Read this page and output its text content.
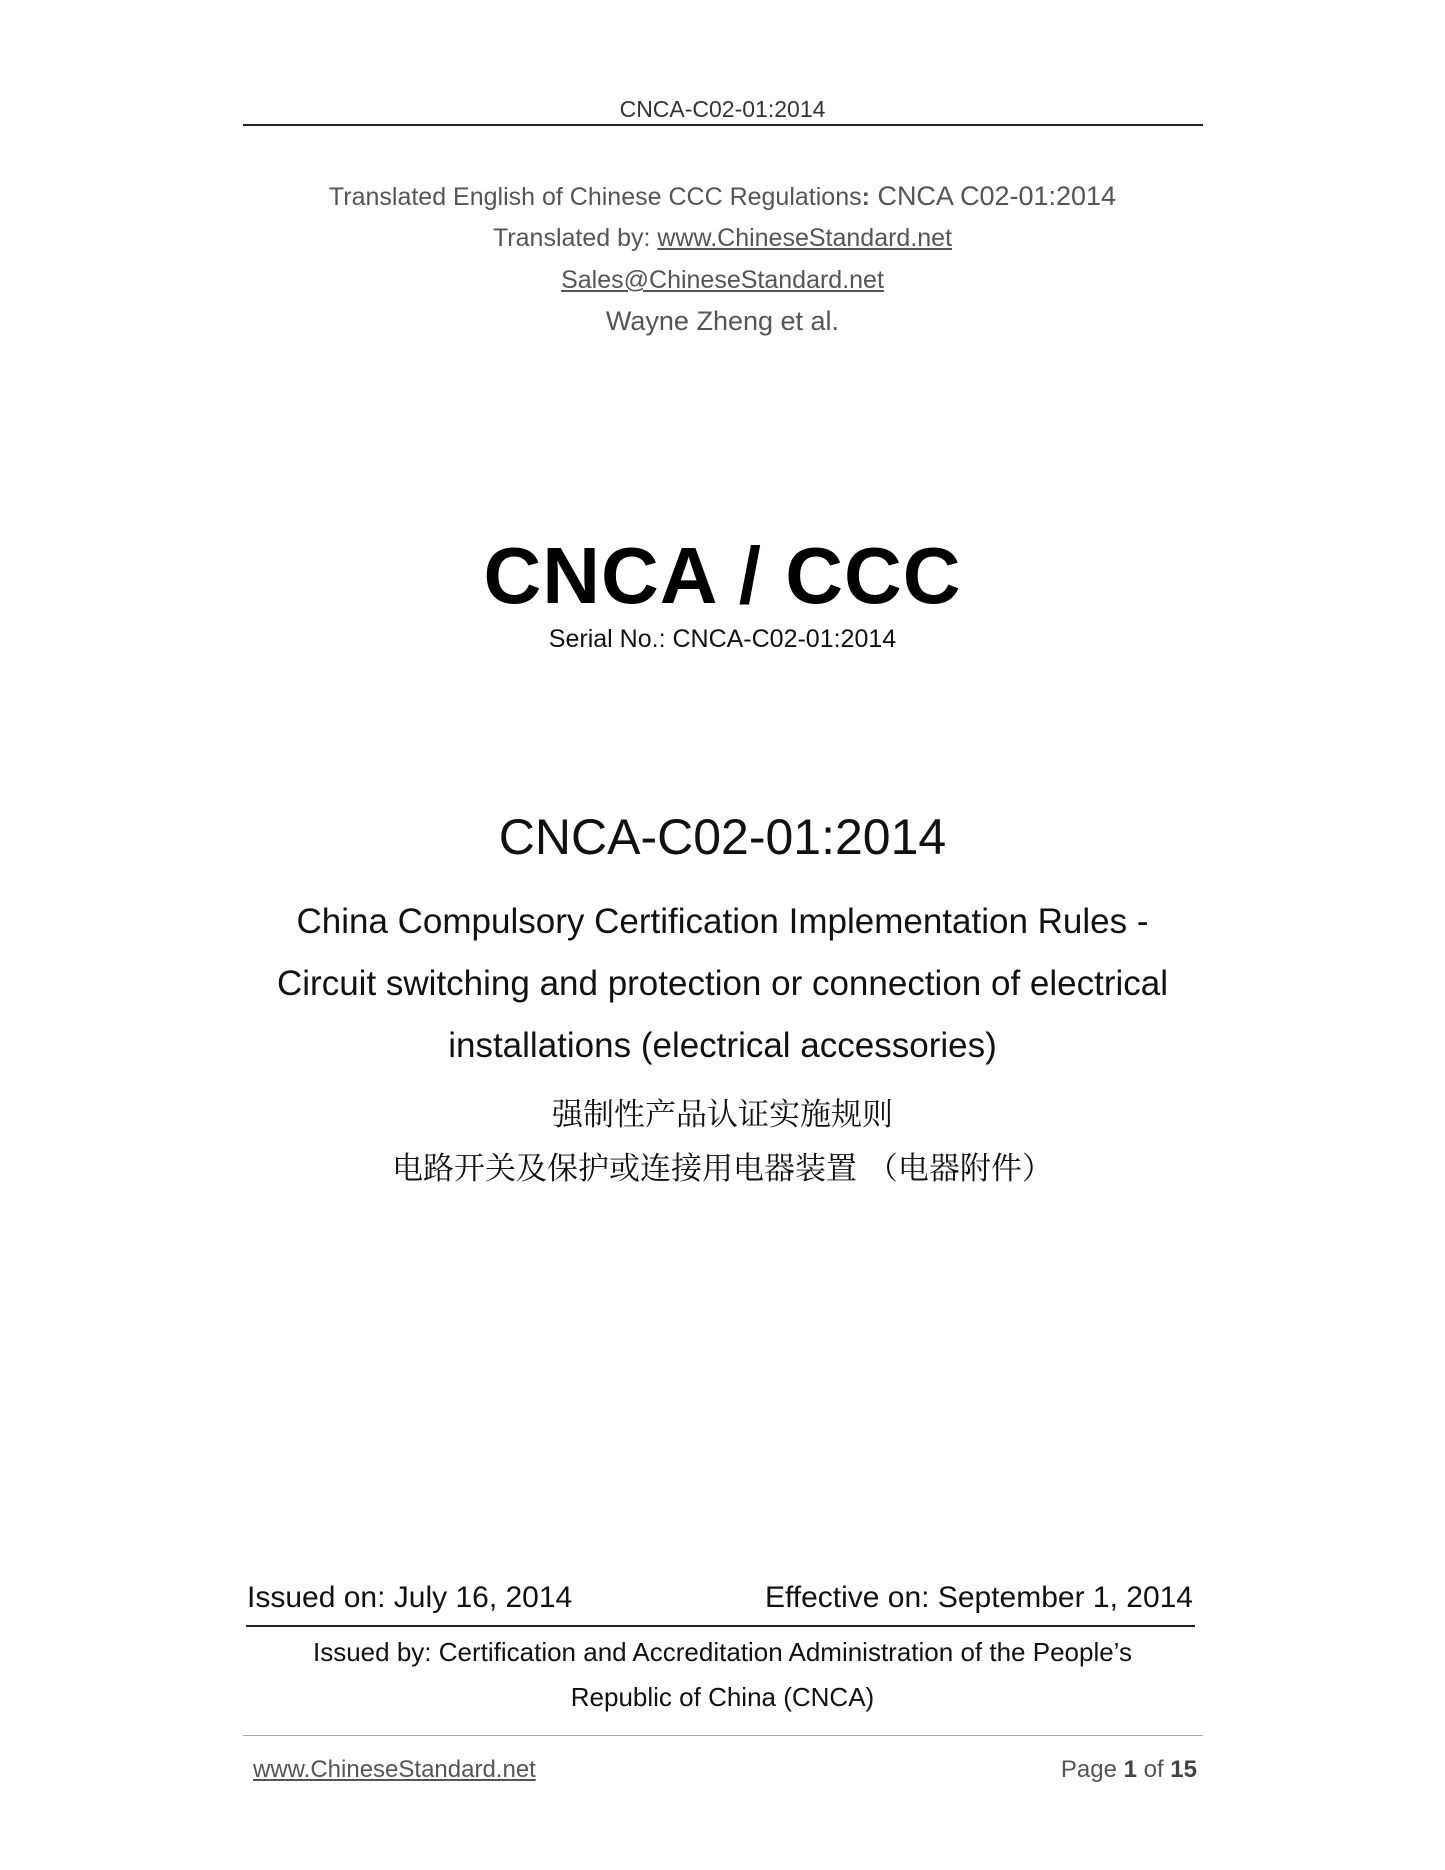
CNCA-C02-01:2014
Translated English of Chinese CCC Regulations: CNCA C02-01:2014
Translated by: www.ChineseStandard.net
Sales@ChineseStandard.net
Wayne Zheng et al.
CNCA / CCC
Serial No.: CNCA-C02-01:2014
CNCA-C02-01:2014
China Compulsory Certification Implementation Rules -
Circuit switching and protection or connection of electrical
installations (electrical accessories)
强制性产品认证实施规则
电路开关及保护或连接用电器装置 （电器附件）
Issued on: July 16, 2014	Effective on: September 1, 2014
Issued by: Certification and Accreditation Administration of the People’s
Republic of China (CNCA)
www.ChineseStandard.net	Page 1 of 15
